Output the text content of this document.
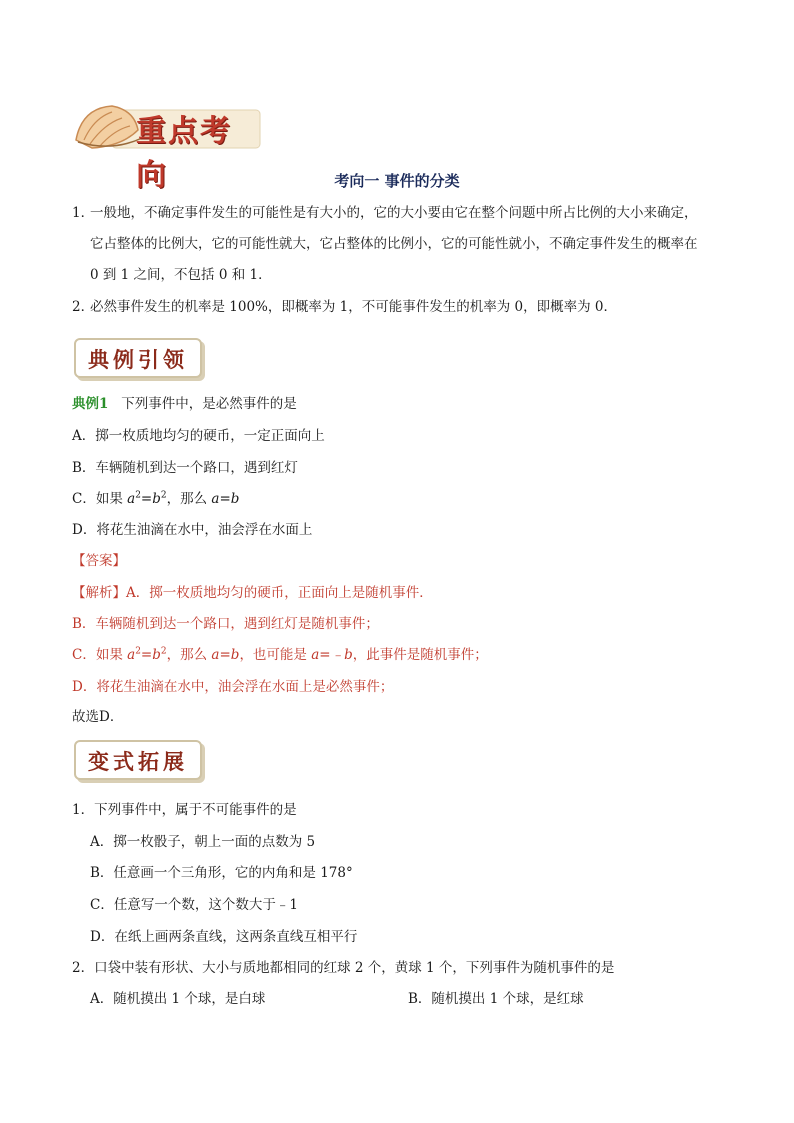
重点考向	考向一 事件的分类
1．一般地，不确定事件发生的可能性是有大小的，它的大小要由它在整个问题中所占比例的大小来确定，
它占整体的比例大，它的可能性就大，它占整体的比例小，它的可能性就小，不确定事件发生的概率在
0 到 1 之间，不包括 0 和 1．
2．必然事件发生的机率是 100%，即概率为 1，不可能事件发生的机率为 0，即概率为 0．
典例引领
典例1 下列事件中，是必然事件的是
A．掷一枚质地均匀的硬币，一定正面向上
B．车辆随机到达一个路口，遇到红灯
C．如果 $a^2=b^2$，那么 a=b
D．将花生油滴在水中，油会浮在水面上
【答案】
【解析】A．掷一枚质地均匀的硬币，正面向上是随机事件．
B．车辆随机到达一个路口，遇到红灯是随机事件；
C．如果 $a^2=b^2$，那么 a=b，也可能是 a=﹣b，此事件是随机事件；
D．将花生油滴在水中，油会浮在水面上是必然事件；
故选D．
变式拓展
1．下列事件中，属于不可能事件的是
A．掷一枚骰子，朝上一面的点数为 5
B．任意画一个三角形，它的内角和是 178°
C．任意写一个数，这个数大于﹣1
D．在纸上画两条直线，这两条直线互相平行
2．口袋中装有形状、大小与质地都相同的红球 2 个，黄球 1 个，下列事件为随机事件的是
A．随机摸出 1 个球，是白球	B．随机摸出 1 个球，是红球
